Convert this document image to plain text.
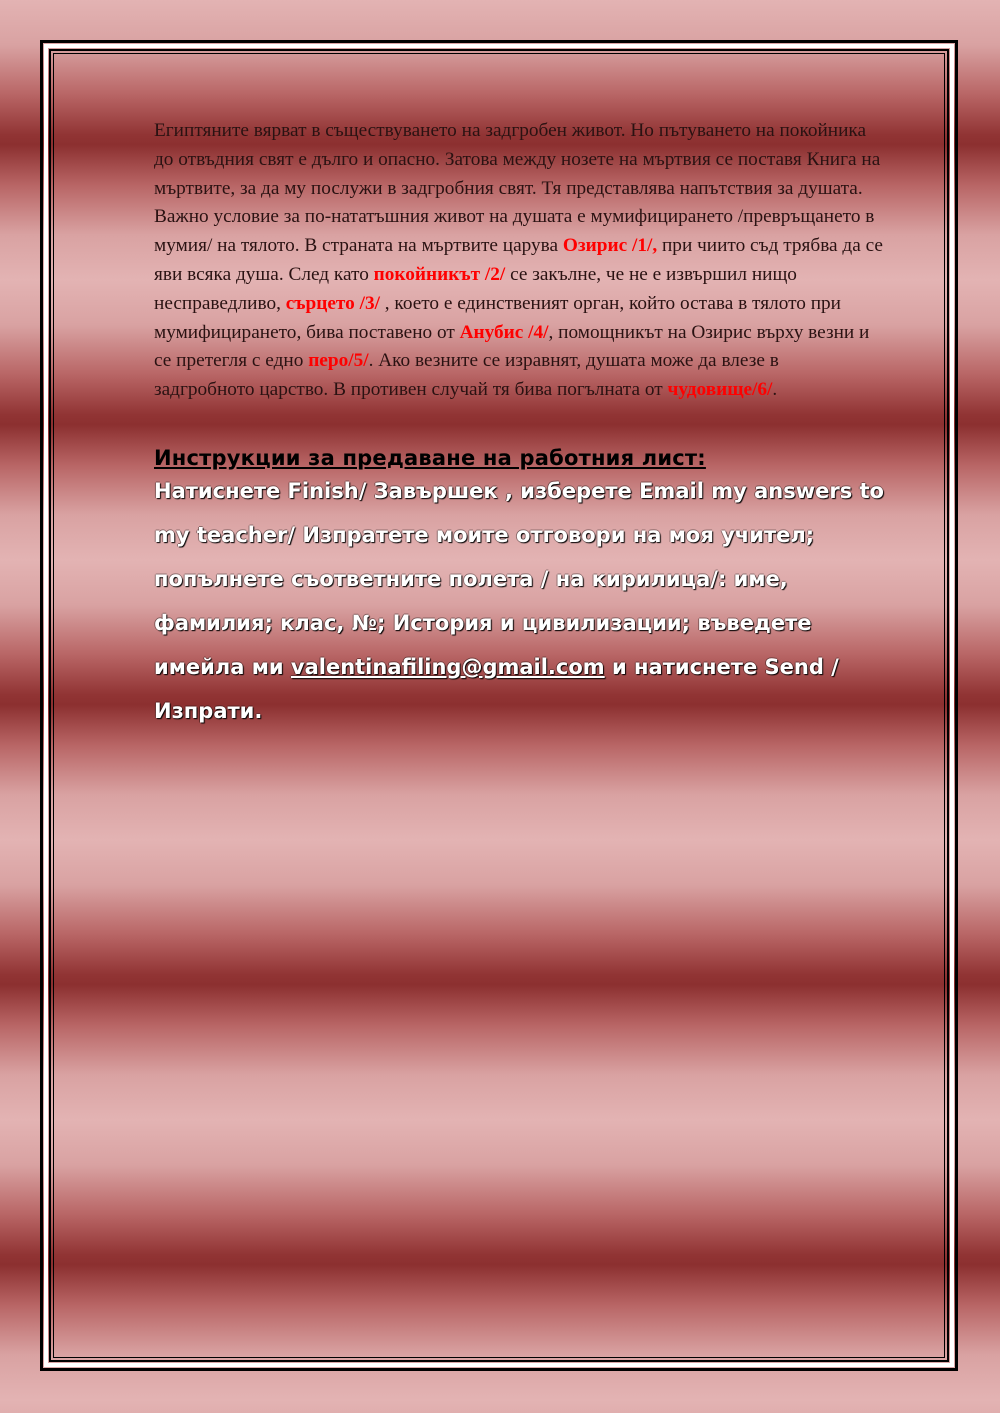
Египтяните вярват в съществуването на задгробен живот. Но пътуването на покойника до отвъдния свят е дълго и опасно. Затова между нозете на мъртвия се поставя Книга на мъртвите, за да му послужи в задгробния свят. Тя представлява напътствия за душата. Важно условие за по-нататъшния живот на душата е мумифицирането /превръщането в мумия/ на тялото. В страната на мъртвите царува Озирис /1/, при чиито съд трябва да се яви всяка душа. След като покойникът /2/ се закълне, че не е извършил нищо несправедливо, сърцето /3/ , което е единственият орган, който остава в тялото при мумифицирането, бива поставено от Анубис /4/, помощникът на Озирис върху везни и се претегля с едно перо/5/. Ако везните се изравнят, душата може да влезе в задгробното царство. В противен случай тя бива погълната от чудовище/6/.

Инструкции за предаване на работния лист:
Натиснете Finish/ Завършек , изберете Email my answers to my teacher/ Изпратете моите отговори на моя учител; попълнете съответните полета / на кирилица/: име, фамилия; клас, №; История и цивилизации; въведете имейла ми valentinafiling@gmail.com и натиснете Send / Изпрати.
